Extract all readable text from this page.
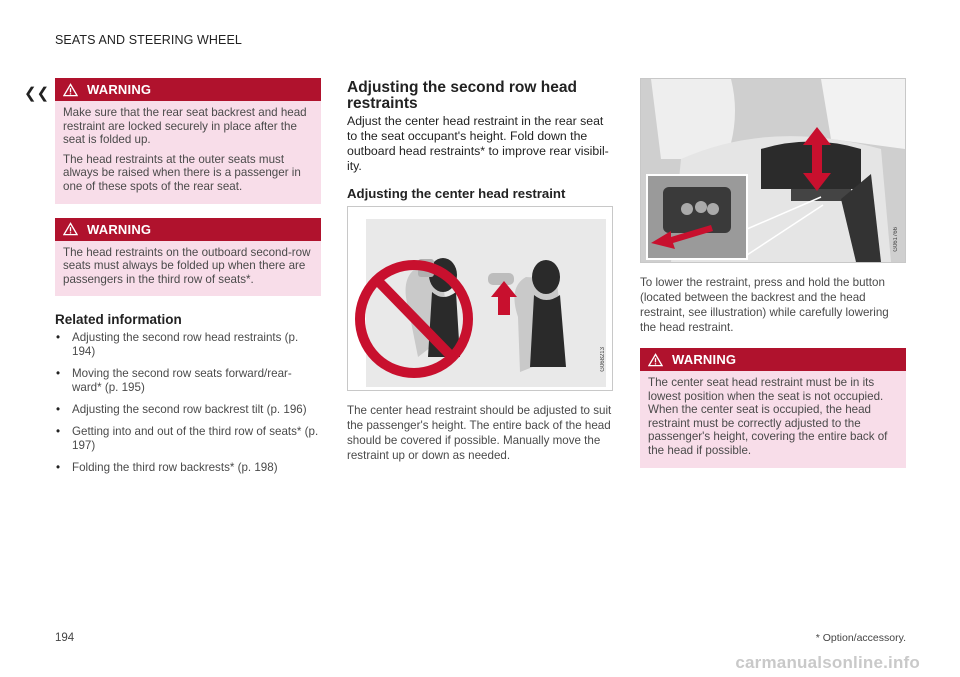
SEATS AND STEERING WHEEL
❮❮	WARNING

Make sure that the rear seat backrest and head restraint are locked securely in place after the seat is folded up.

The head restraints at the outer seats must always be raised when there is a passenger in one of these spots of the rear seat.

WARNING

The head restraints on the outboard second-row seats must always be folded up when there are passengers in the third row of seats*.

Related information
• Adjusting the second row head restraints (p. 194)
• Moving the second row seats forward/rear-ward* (p. 195)
• Adjusting the second row backrest tilt (p. 196)
• Getting into and out of the third row of seats* (p. 197)
• Folding the third row backrests* (p. 198)
Adjusting the second row head restraints

Adjust the center head restraint in the rear seat to the seat occupant's height. Fold down the outboard head restraints* to improve rear visibil-ity.

Adjusting the center head restraint
G068213

The center head restraint should be adjusted to suit the passenger's height. The entire back of the head should be covered if possible. Manually move the restraint up or down as needed.

G061766

To lower the restraint, press and hold the button (located between the backrest and the head restraint, see illustration) while carefully lowering the head restraint.

WARNING

The center seat head restraint must be in its lowest position when the seat is not occupied. When the center seat is occupied, the head restraint must be correctly adjusted to the passenger's height, covering the entire back of the head if possible.

194	* Option/accessory.
carmanualsonline.info
